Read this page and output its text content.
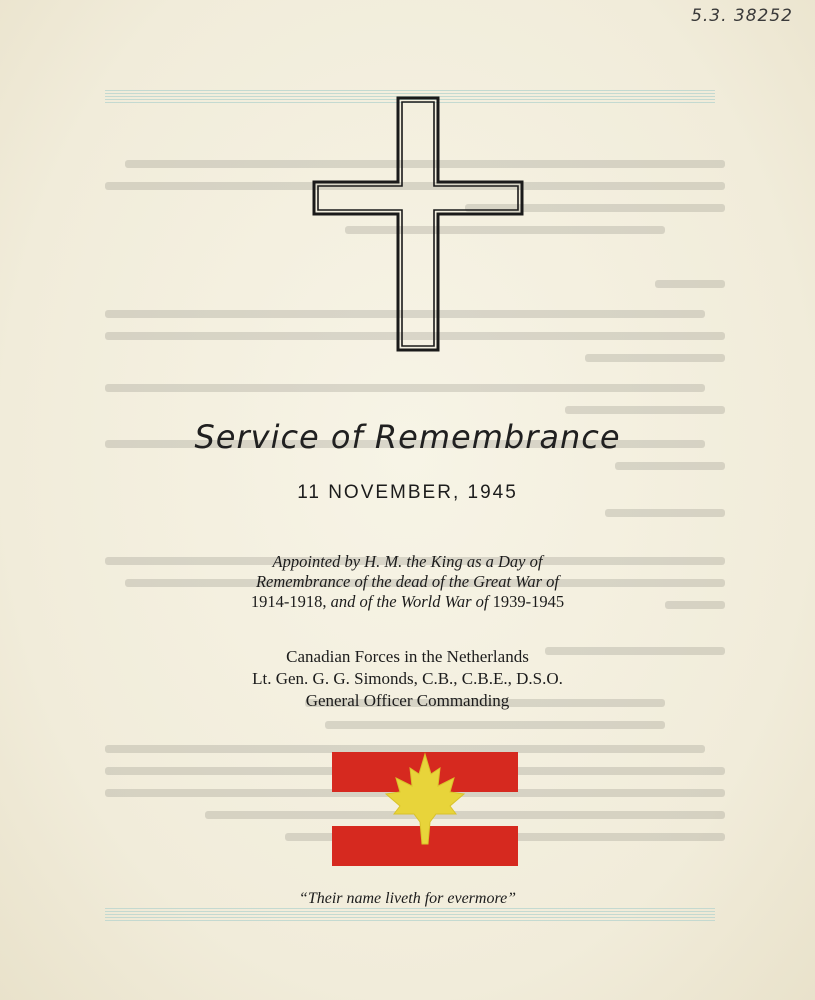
5.3. 38252
Service of Remembrance
11 NOVEMBER, 1945
Appointed by H. M. the King as a Day of
Remembrance of the dead of the Great War of
1914-1918, and of the World War of 1939-1945
Canadian Forces in the Netherlands
Lt. Gen. G. G. Simonds, C.B., C.B.E., D.S.O.
General Officer Commanding
“Their name liveth for evermore”
